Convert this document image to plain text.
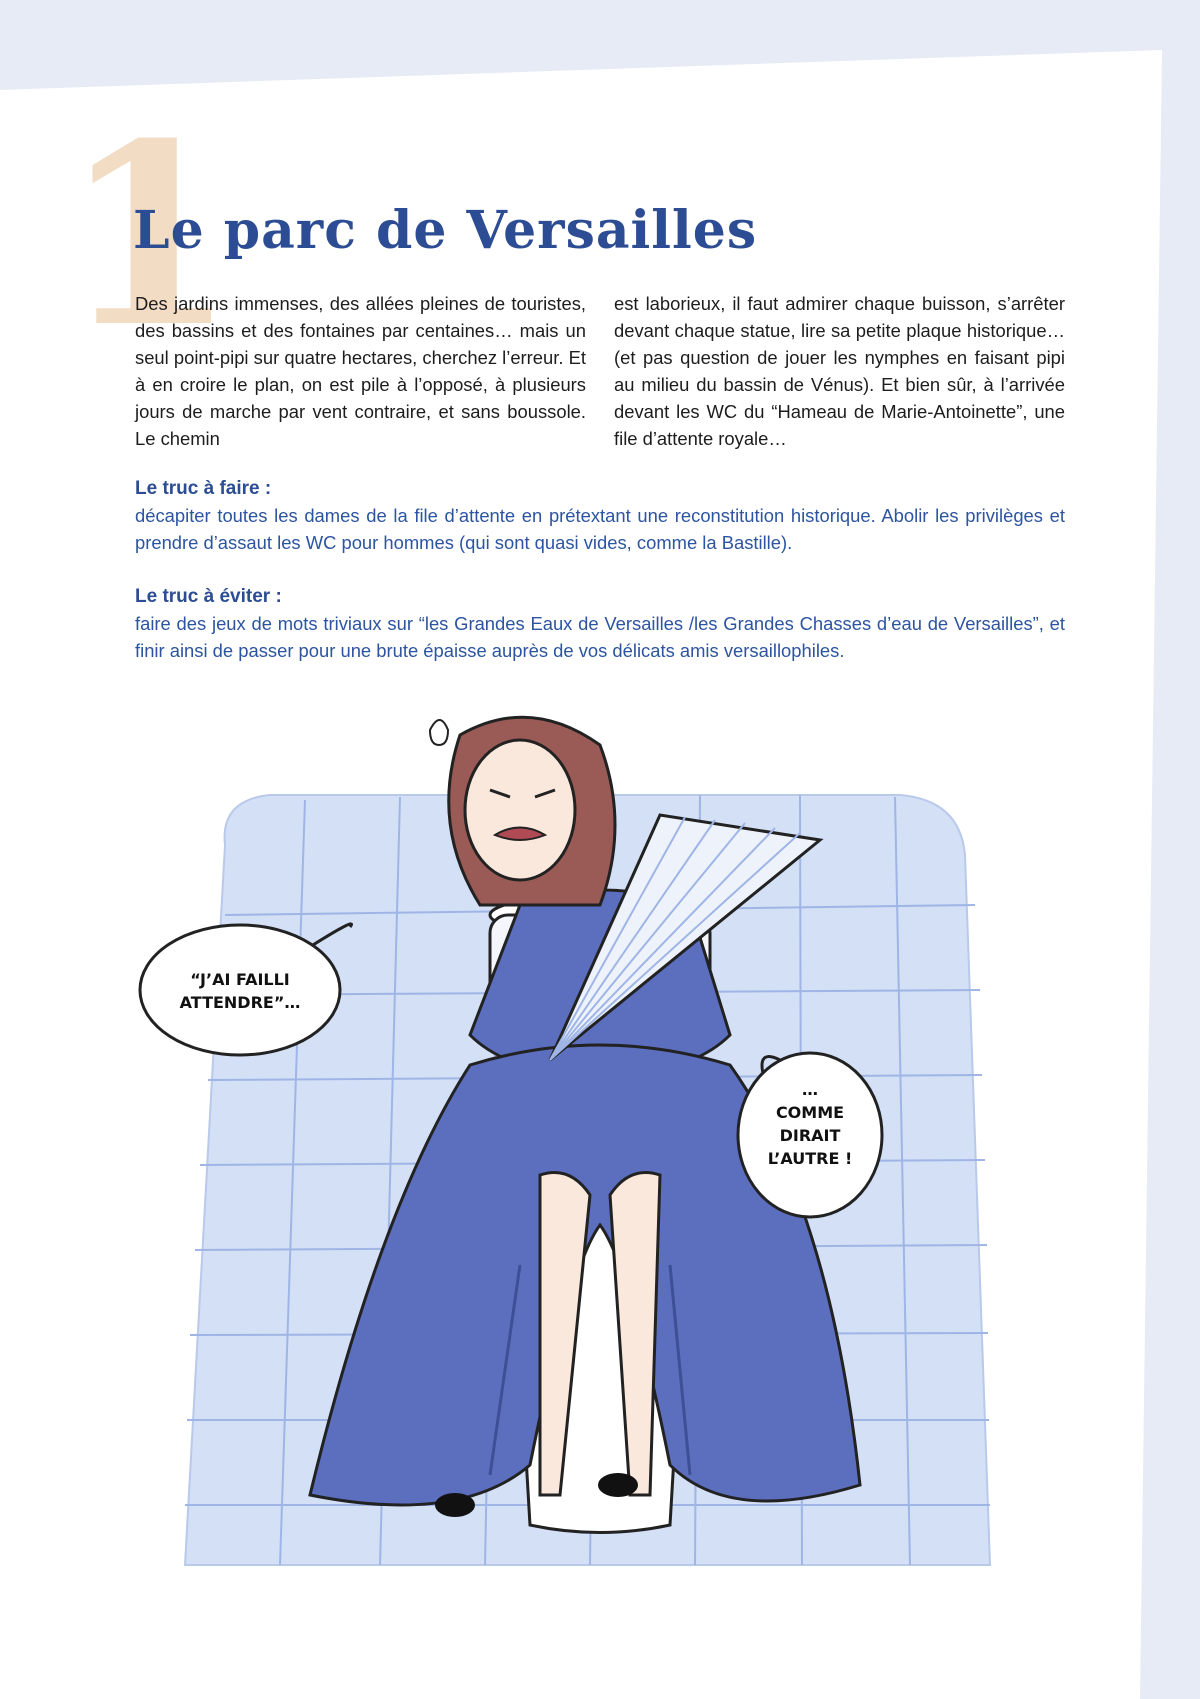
1
Le parc de Versailles

Des jardins immenses, des allées pleines de touristes, des bassins et des fontaines par centaines… mais un seul point-pipi sur quatre hectares, cherchez l’erreur. Et à en croire le plan, on est pile à l’opposé, à plusieurs jours de marche par vent contraire, et sans boussole. Le chemin

est laborieux, il faut admirer chaque buisson, s’arrêter devant chaque statue, lire sa petite plaque historique… (et pas question de jouer les nymphes en faisant pipi au milieu du bassin de Vénus). Et bien sûr, à l’arrivée devant les WC du “Hameau de Marie-Antoinette”, une file d’attente royale…

Le truc à faire :

décapiter toutes les dames de la file d’attente en prétextant une reconstitution historique. Abolir les privilèges et prendre d’assaut les WC pour hommes (qui sont quasi vides, comme la Bastille).

Le truc à éviter :

faire des jeux de mots triviaux sur “les Grandes Eaux de Versailles /les Grandes Chasses d’eau de Versailles”, et finir ainsi de passer pour une brute épaisse auprès de vos délicats amis versaillophiles.

“J’AI FAILLI
ATTENDRE”…
…
COMME
DIRAIT
L’AUTRE !
